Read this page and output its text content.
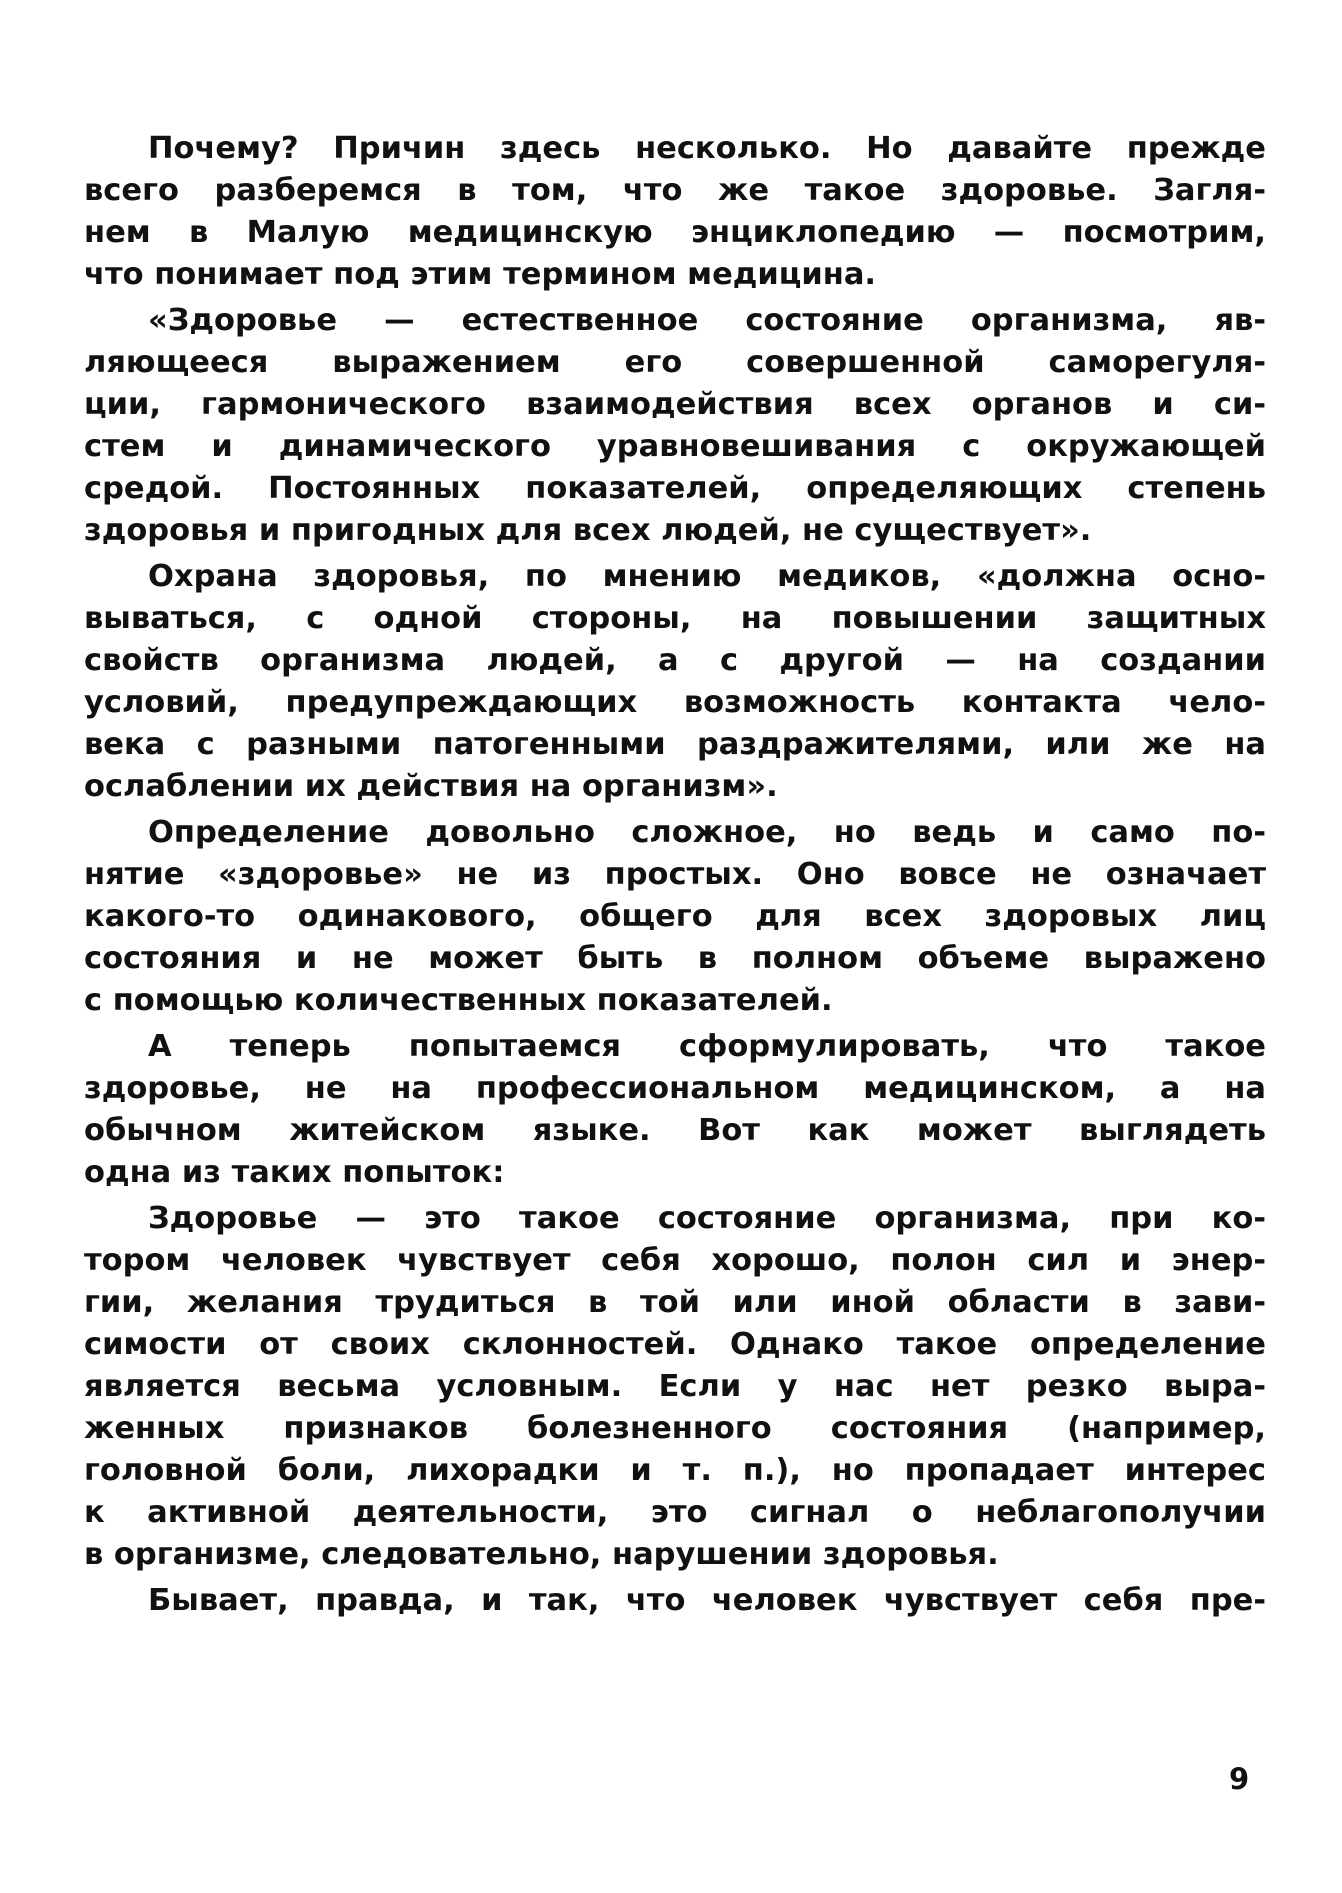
Почему? Причин здесь несколько. Но давайте прежде
всего разберемся в том, что же такое здоровье. Загля-
нем в Малую медицинскую энциклопедию — посмотрим,
что понимает под этим термином медицина.
«Здоровье — естественное состояние организма, яв-
ляющееся выражением его совершенной саморегуля-
ции, гармонического взаимодействия всех органов и си-
стем и динамического уравновешивания с окружающей
средой. Постоянных показателей, определяющих степень
здоровья и пригодных для всех людей, не существует».
Охрана здоровья, по мнению медиков, «должна осно-
вываться, с одной стороны, на повышении защитных
свойств организма людей, а с другой — на создании
условий, предупреждающих возможность контакта чело-
века с разными патогенными раздражителями, или же на
ослаблении их действия на организм».
Определение довольно сложное, но ведь и само по-
нятие «здоровье» не из простых. Оно вовсе не означает
какого-то одинакового, общего для всех здоровых лиц
состояния и не может быть в полном объеме выражено
с помощью количественных показателей.
А теперь попытаемся сформулировать, что такое
здоровье, не на профессиональном медицинском, а на
обычном житейском языке. Вот как может выглядеть
одна из таких попыток:
Здоровье — это такое состояние организма, при ко-
тором человек чувствует себя хорошо, полон сил и энер-
гии, желания трудиться в той или иной области в зави-
симости от своих склонностей. Однако такое определение
является весьма условным. Если у нас нет резко выра-
женных признаков болезненного состояния (например,
головной боли, лихорадки и т. п.), но пропадает интерес
к активной деятельности, это сигнал о неблагополучии
в организме, следовательно, нарушении здоровья.
Бывает, правда, и так, что человек чувствует себя пре-
9
